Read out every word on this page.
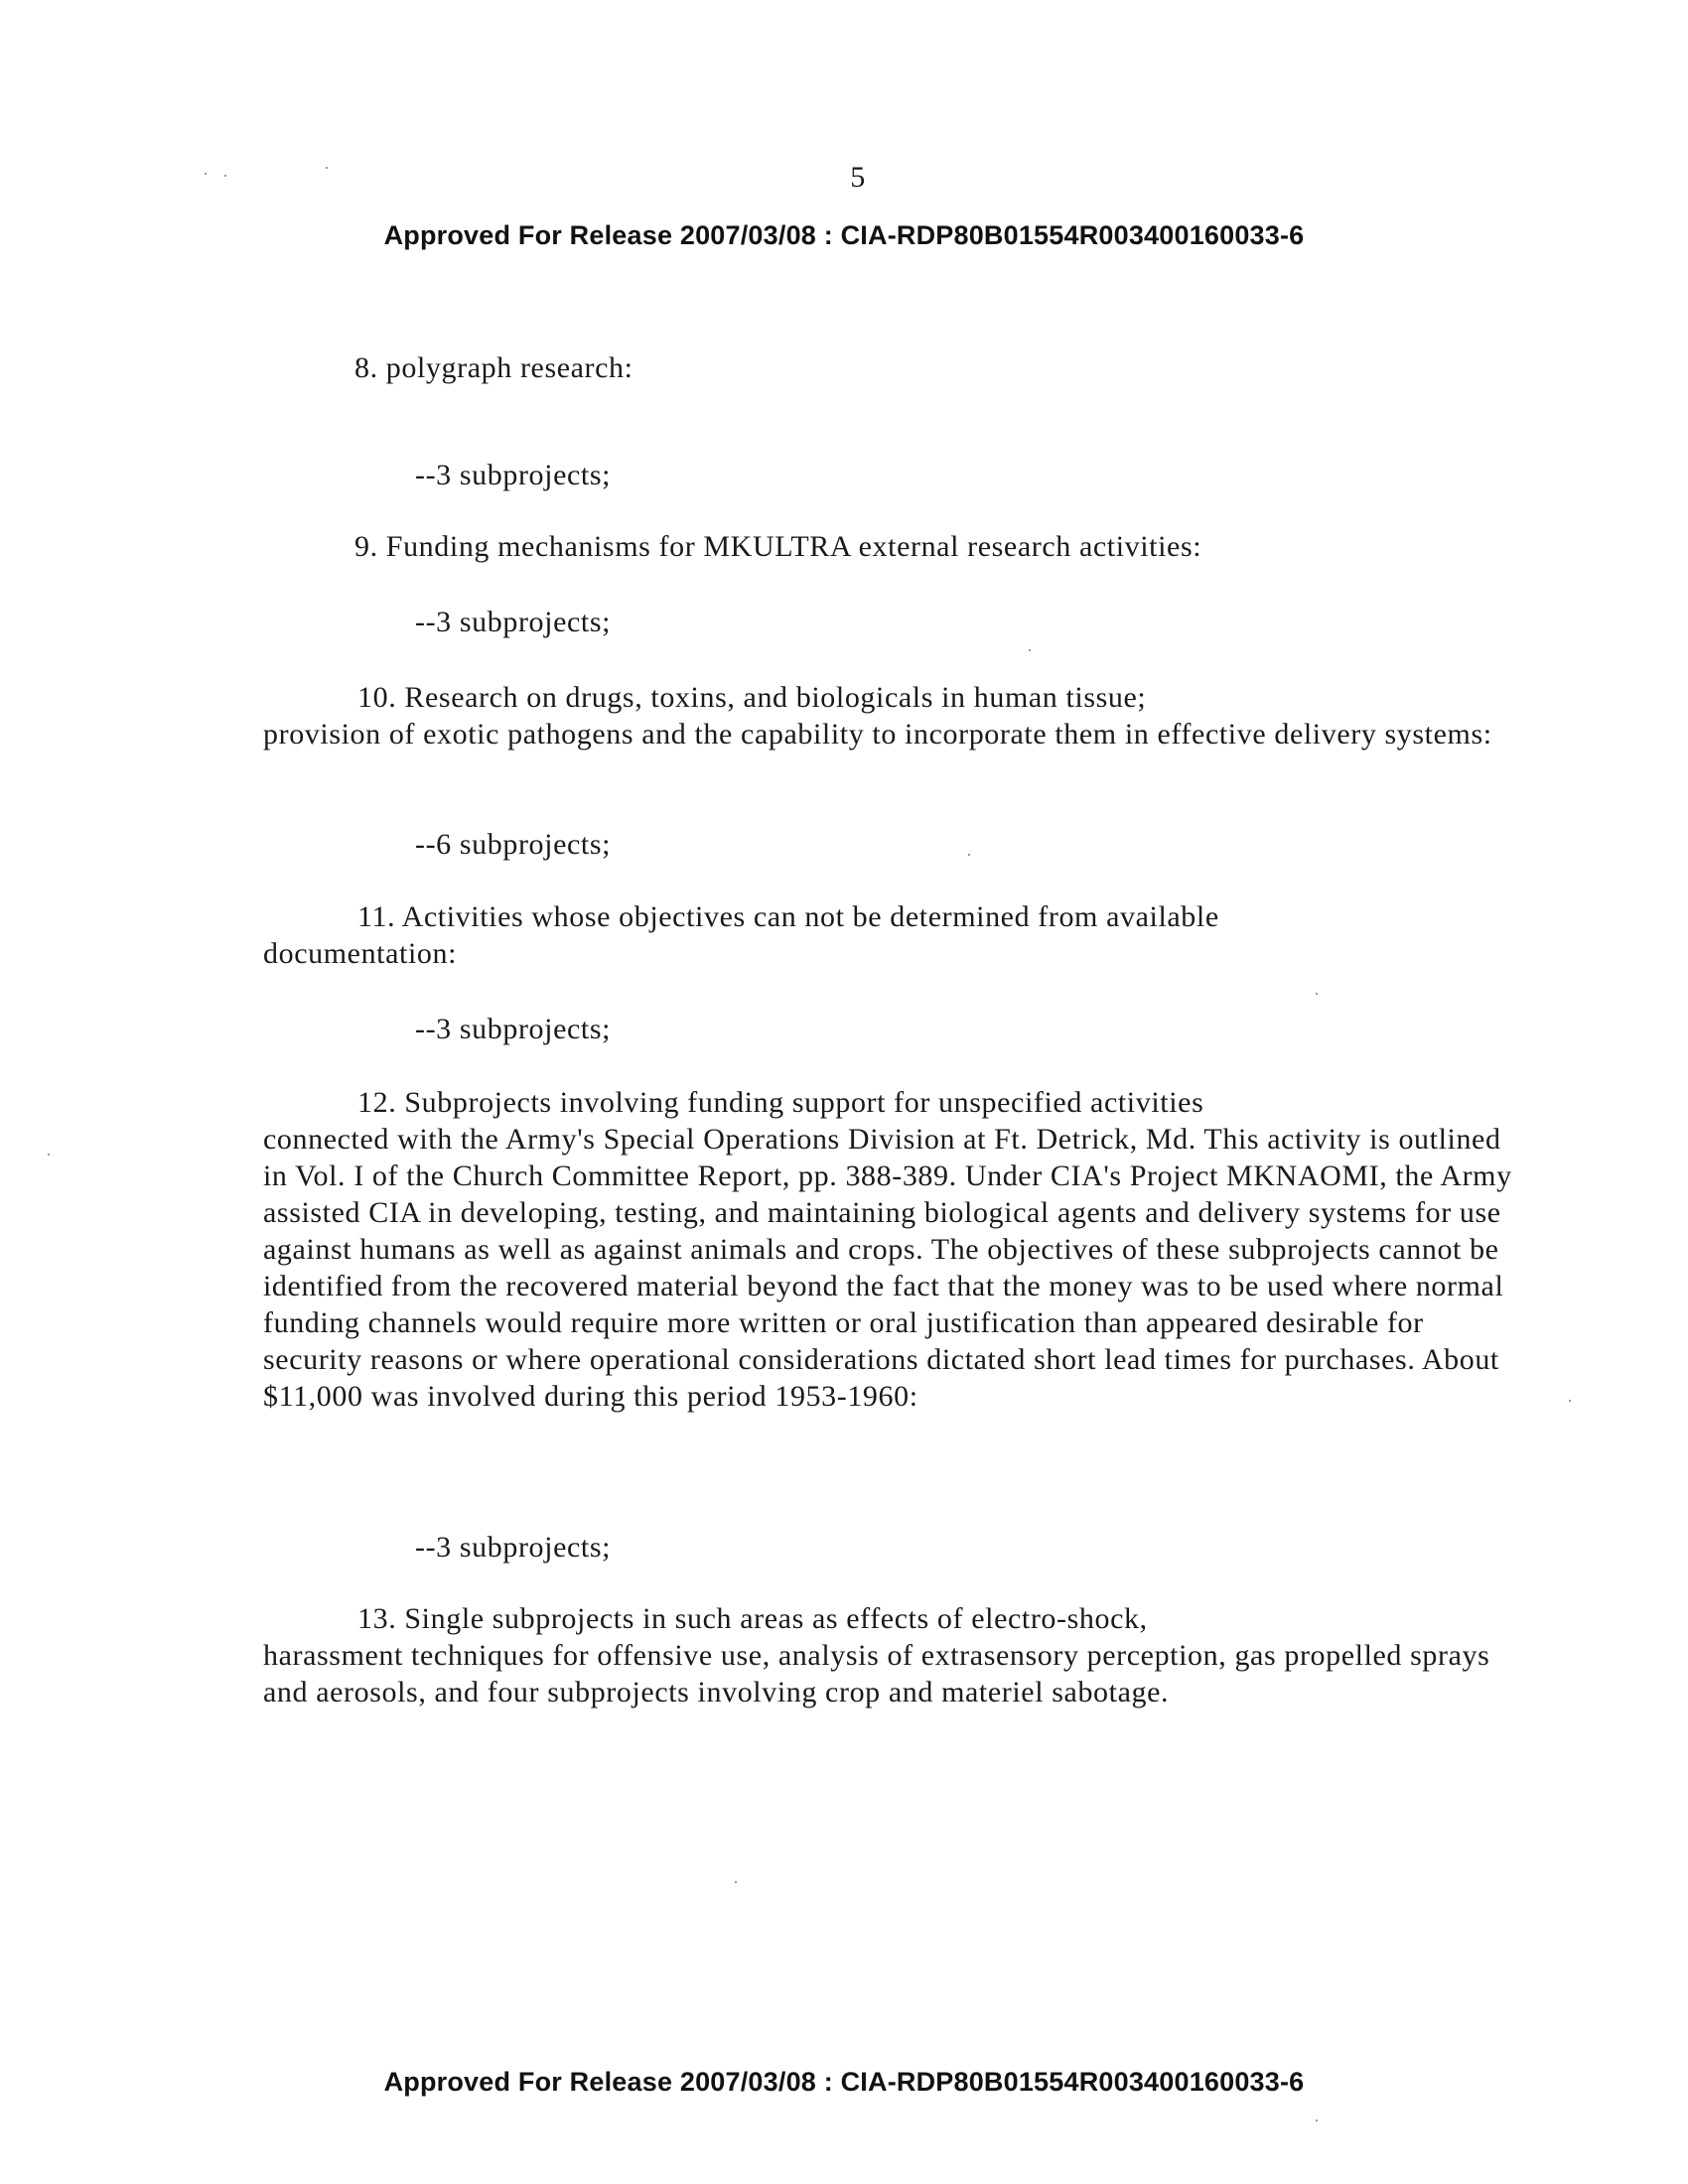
5
Approved For Release 2007/03/08 : CIA-RDP80B01554R003400160033-6

8. polygraph research:

--3 subprojects;

9. Funding mechanisms for MKULTRA external research activities:

--3 subprojects;

10. Research on drugs, toxins, and biologicals in human tissue;
provision of exotic pathogens and the capability to incorporate them in effective delivery systems:

--6 subprojects;

11. Activities whose objectives can not be determined from available
documentation:

--3 subprojects;

12. Subprojects involving funding support for unspecified activities
connected with the Army's Special Operations Division at Ft. Detrick, Md. This activity is outlined in Vol. I of the Church Committee Report, pp. 388-389. Under CIA's Project MKNAOMI, the Army assisted CIA in developing, testing, and maintaining biological agents and delivery systems for use against humans as well as against animals and crops. The objectives of these subprojects cannot be identified from the recovered material beyond the fact that the money was to be used where normal funding channels would require more written or oral justification than appeared desirable for security reasons or where operational considerations dictated short lead times for purchases. About $11,000 was involved during this period 1953-1960:

--3 subprojects;

13. Single subprojects in such areas as effects of electro-shock,
harassment techniques for offensive use, analysis of extrasensory perception, gas propelled sprays and aerosols, and four subprojects involving crop and materiel sabotage.

Approved For Release 2007/03/08 : CIA-RDP80B01554R003400160033-6
